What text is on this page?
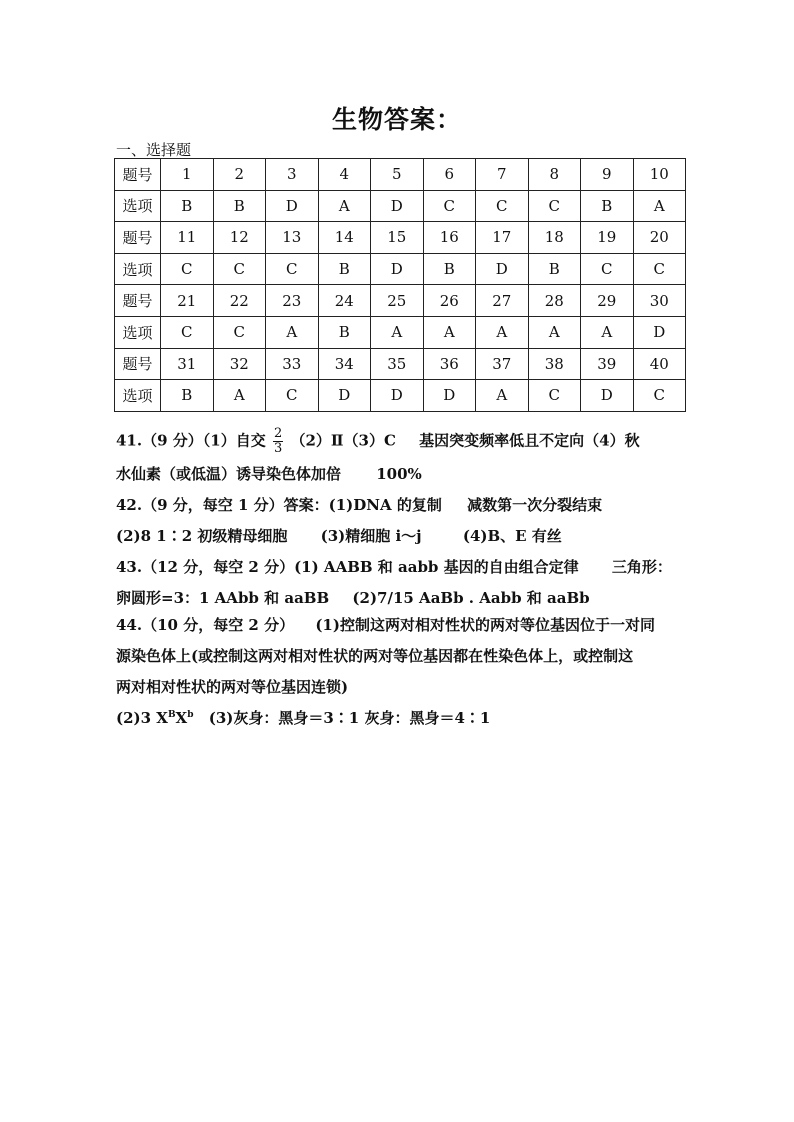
生物答案：
一、选择题
题号	1	2	3	4	5	6	7	8	9	10
选项	B	B	D	A	D	C	C	C	B	A
题号	11	12	13	14	15	16	17	18	19	20
选项	C	C	C	B	D	B	D	B	C	C
题号	21	22	23	24	25	26	27	28	29	30
选项	C	C	A	B	A	A	A	A	A	D
题号	31	32	33	34	35	36	37	38	39	40
选项	B	A	C	D	D	D	A	C	D	C
41.（9 分）（1）自交 $\frac{2}{3}$ （2）Ⅱ（3）C 基因突变频率低且不定向（4）秋
水仙素（或低温）诱导染色体加倍 100%
42.（9 分，每空 1 分）答案：(1)DNA 的复制 减数第一次分裂结束
(2)8 1∶2 初级精母细胞 (3)精细胞 i～j	(4)B、E 有丝
43.（12 分，每空 2 分）(1) AABB 和 aabb 基因的自由组合定律 三角形：
卵圆形=3：1 AAbb 和 aaBB (2)7/15 AaBb . Aabb 和 aaBb
44.（10 分，每空 2 分） (1)控制这两对相对性状的两对等位基因位于一对同
源染色体上(或控制这两对相对性状的两对等位基因都在性染色体上，或控制这
两对相对性状的两对等位基因连锁)
(2)3 $X^BX^b$ (3)灰身：黑身＝3∶1 灰身：黑身＝4∶1
